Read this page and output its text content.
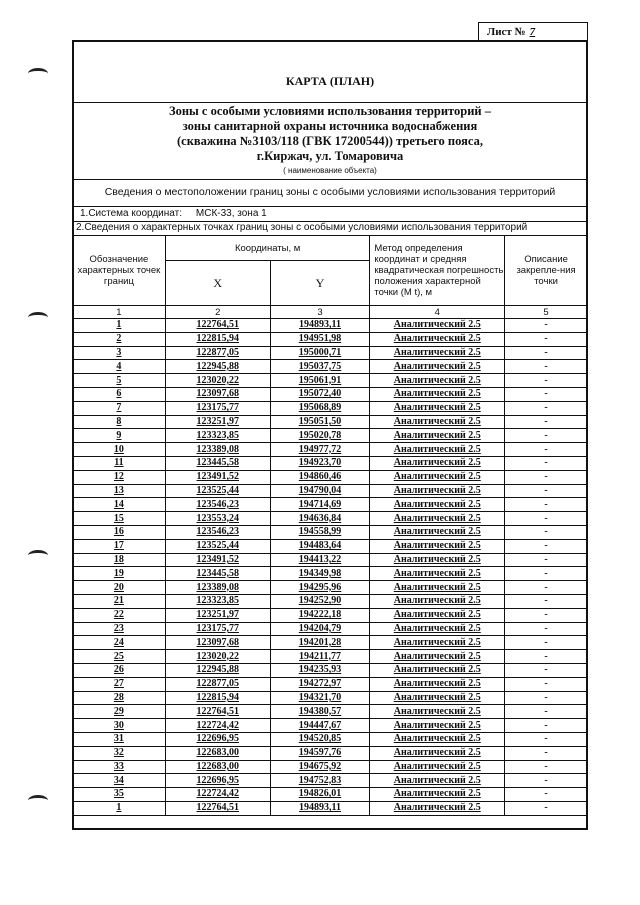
Лист № 7
КАРТА (ПЛАН)
Зоны с особыми условиями использования территорий –
зоны санитарной охраны источника водоснабжения
(скважина №3103/118 (ГВК 17200544)) третьего пояса,
г.Киржач, ул. Томаровича
( наименование объекта)
Сведения о местоположении границ зоны с особыми условиями использования территорий
1.Система координат: МСК-33, зона 1
2.Сведения о характерных точках границ зоны с особыми условиями использования территорий
Обозначение характерных точек границ	Координаты, м		Метод определения координат и средняя квадратическая погрешность положения характерной точки (М t), м	Описание закрепле-ния точки
	X	Y		
1	2	3	4	5
1	122764,51	194893,11	Аналитический 2.5	-
2	122815,94	194951,98	Аналитический 2.5	-
3	122877,05	195000,71	Аналитический 2.5	-
4	122945,88	195037,75	Аналитический 2.5	-
5	123020,22	195061,91	Аналитический 2.5	-
6	123097,68	195072,40	Аналитический 2.5	-
7	123175,77	195068,89	Аналитический 2.5	-
8	123251,97	195051,50	Аналитический 2.5	-
9	123323,85	195020,78	Аналитический 2.5	-
10	123389,08	194977,72	Аналитический 2.5	-
11	123445,58	194923,70	Аналитический 2.5	-
12	123491,52	194860,46	Аналитический 2.5	-
13	123525,44	194790,04	Аналитический 2.5	-
14	123546,23	194714,69	Аналитический 2.5	-
15	123553,24	194636,84	Аналитический 2.5	-
16	123546,23	194558,99	Аналитический 2.5	-
17	123525,44	194483,64	Аналитический 2.5	-
18	123491,52	194413,22	Аналитический 2.5	-
19	123445,58	194349,98	Аналитический 2.5	-
20	123389,08	194295,96	Аналитический 2.5	-
21	123323,85	194252,90	Аналитический 2.5	-
22	123251,97	194222,18	Аналитический 2.5	-
23	123175,77	194204,79	Аналитический 2.5	-
24	123097,68	194201,28	Аналитический 2.5	-
25	123020,22	194211,77	Аналитический 2.5	-
26	122945,88	194235,93	Аналитический 2.5	-
27	122877,05	194272,97	Аналитический 2.5	-
28	122815,94	194321,70	Аналитический 2.5	-
29	122764,51	194380,57	Аналитический 2.5	-
30	122724,42	194447,67	Аналитический 2.5	-
31	122696,95	194520,85	Аналитический 2.5	-
32	122683,00	194597,76	Аналитический 2.5	-
33	122683,00	194675,92	Аналитический 2.5	-
34	122696,95	194752,83	Аналитический 2.5	-
35	122724,42	194826,01	Аналитический 2.5	-
1	122764,51	194893,11	Аналитический 2.5	-
